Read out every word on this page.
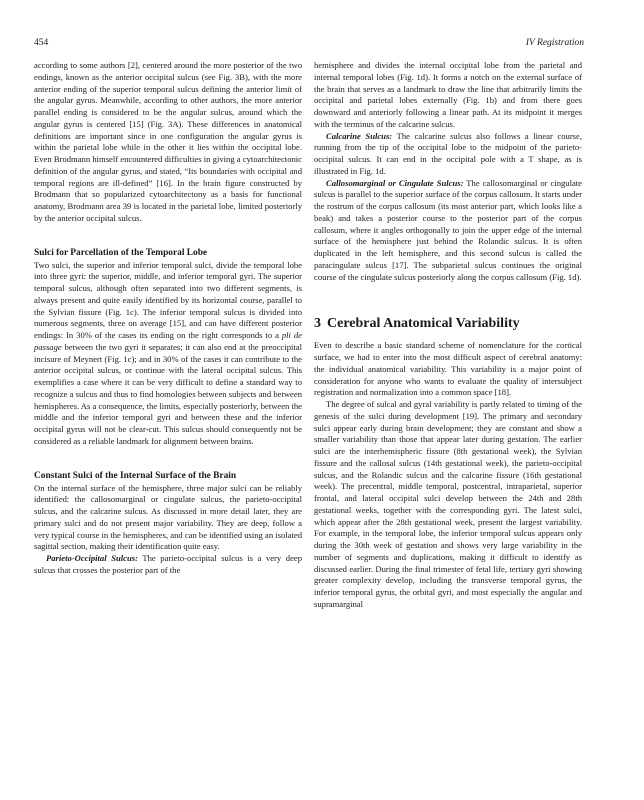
454	IV Registration

according to some authors [2], centered around the more posterior of the two endings, known as the anterior occipital sulcus (see Fig. 3B), with the more anterior ending of the superior temporal sulcus defining the anterior limit of the angular gyrus. Meanwhile, according to other authors, the more anterior parallel ending is considered to be the angular sulcus, around which the angular gyrus is centered [15] (Fig. 3A). These differences in anatomical definitions are important since in one configuration the angular gyrus is within the parietal lobe while in the other it lies within the occipital lobe. Even Brodmann himself encountered difficulties in giving a cytoarchitectonic definition of the angular gyrus, and stated, “Its boundaries with occipital and temporal regions are ill-defined” [16]. In the brain figure constructed by Brodmann that so popularized cytoarchitectony as a basis for functional anatomy, Brodmann area 39 is located in the parietal lobe, limited posteriorly by the anterior occipital sulcus.

Sulci for Parcellation of the Temporal Lobe

Two sulci, the superior and inferior temporal sulci, divide the temporal lobe into three gyri: the superior, middle, and inferior temporal gyri. The superior temporal sulcus, although often separated into two different segments, is always present and quite easily identified by its horizontal course, parallel to the Sylvian fissure (Fig. 1c). The inferior temporal sulcus is divided into numerous segments, three on average [15], and can have different posterior endings: In 30% of the cases its ending on the right corresponds to a pli de passage between the two gyri it separates; it can also end at the preoccipital incisure of Meynert (Fig. 1c); and in 30% of the cases it can contribute to the anterior occipital sulcus, or continue with the lateral occipital sulcus. This exemplifies a case where it can be very difficult to define a standard way to recognize a sulcus and thus to find homologies between subjects and between hemispheres. As a consequence, the limits, especially posteriorly, between the middle and the inferior temporal gyri and between these and the inferior occipital gyrus will not be clear-cut. This sulcus should consequently not be considered as a reliable landmark for alignment between brains.

Constant Sulci of the Internal Surface of the Brain

On the internal surface of the hemisphere, three major sulci can be reliably identified: the callosomarginal or cingulate sulcus, the parieto-occipital sulcus, and the calcarine sulcus. As discussed in more detail later, they are primary sulci and do not present major variability. They are deep, follow a very typical course in the hemispheres, and can be identified using an isolated sagittal section, making their identification quite easy.

Parieto-Occipital Sulcus: The parieto-occipital sulcus is a very deep sulcus that crosses the posterior part of the

hemisphere and divides the internal occipital lobe from the parietal and internal temporal lobes (Fig. 1d). It forms a notch on the external surface of the brain that serves as a landmark to draw the line that arbitrarily limits the occipital and parietal lobes externally (Fig. 1b) and from there goes downward and anteriorly following a linear path. At its midpoint it merges with the terminus of the calcarine sulcus.

Calcarine Sulcus: The calcarine sulcus also follows a linear course, running from the tip of the occipital lobe to the midpoint of the parieto-occipital sulcus. It can end in the occipital pole with a T shape, as is illustrated in Fig. 1d.

Callosomarginal or Cingulate Sulcus: The callosomarginal or cingulate sulcus is parallel to the superior surface of the corpus callosum. It starts under the rostrum of the corpus callosum (its most anterior part, which looks like a beak) and takes a posterior course to the posterior part of the corpus callosum, where it angles orthogonally to join the upper edge of the internal surface of the hemisphere just behind the Rolandic sulcus. It is often duplicated in the left hemisphere, and this second sulcus is called the paracingulate sulcus [17]. The subparietal sulcus continues the original course of the cingulate sulcus posteriorly along the corpus callosum (Fig. 1d).

3 Cerebral Anatomical Variability

Even to describe a basic standard scheme of nomenclature for the cortical surface, we had to enter into the most difficult aspect of cerebral anatomy: the individual anatomical variability. This variability is a major point of consideration for anyone who wants to evaluate the quality of intersubject registration and normalization into a common space [18].

The degree of sulcal and gyral variability is partly related to timing of the genesis of the sulci during development [19]. The primary and secondary sulci appear early during brain development; they are constant and show a smaller variability than those that appear later during gestation. The earlier sulci are the interhemispheric fissure (8th gestational week), the Sylvian fissure and the callosal sulcus (14th gestational week), the parieto-occipital sulcus, and the Rolandic sulcus and the calcarine fissure (16th gestational week). The precentral, middle temporal, postcentral, intraparietal, superior frontal, and lateral occipital sulci develop between the 24th and 28th gestational weeks, together with the corresponding gyri. The latest sulci, which appear after the 28th gestational week, present the largest variability. For example, in the temporal lobe, the inferior temporal sulcus appears only during the 30th week of gestation and shows very large variability in the number of segments and duplications, making it difficult to identify as discussed earlier. During the final trimester of fetal life, tertiary gyri showing greater complexity develop, including the transverse temporal gyrus, the inferior temporal gyrus, the orbital gyri, and most especially the angular and supramarginal
